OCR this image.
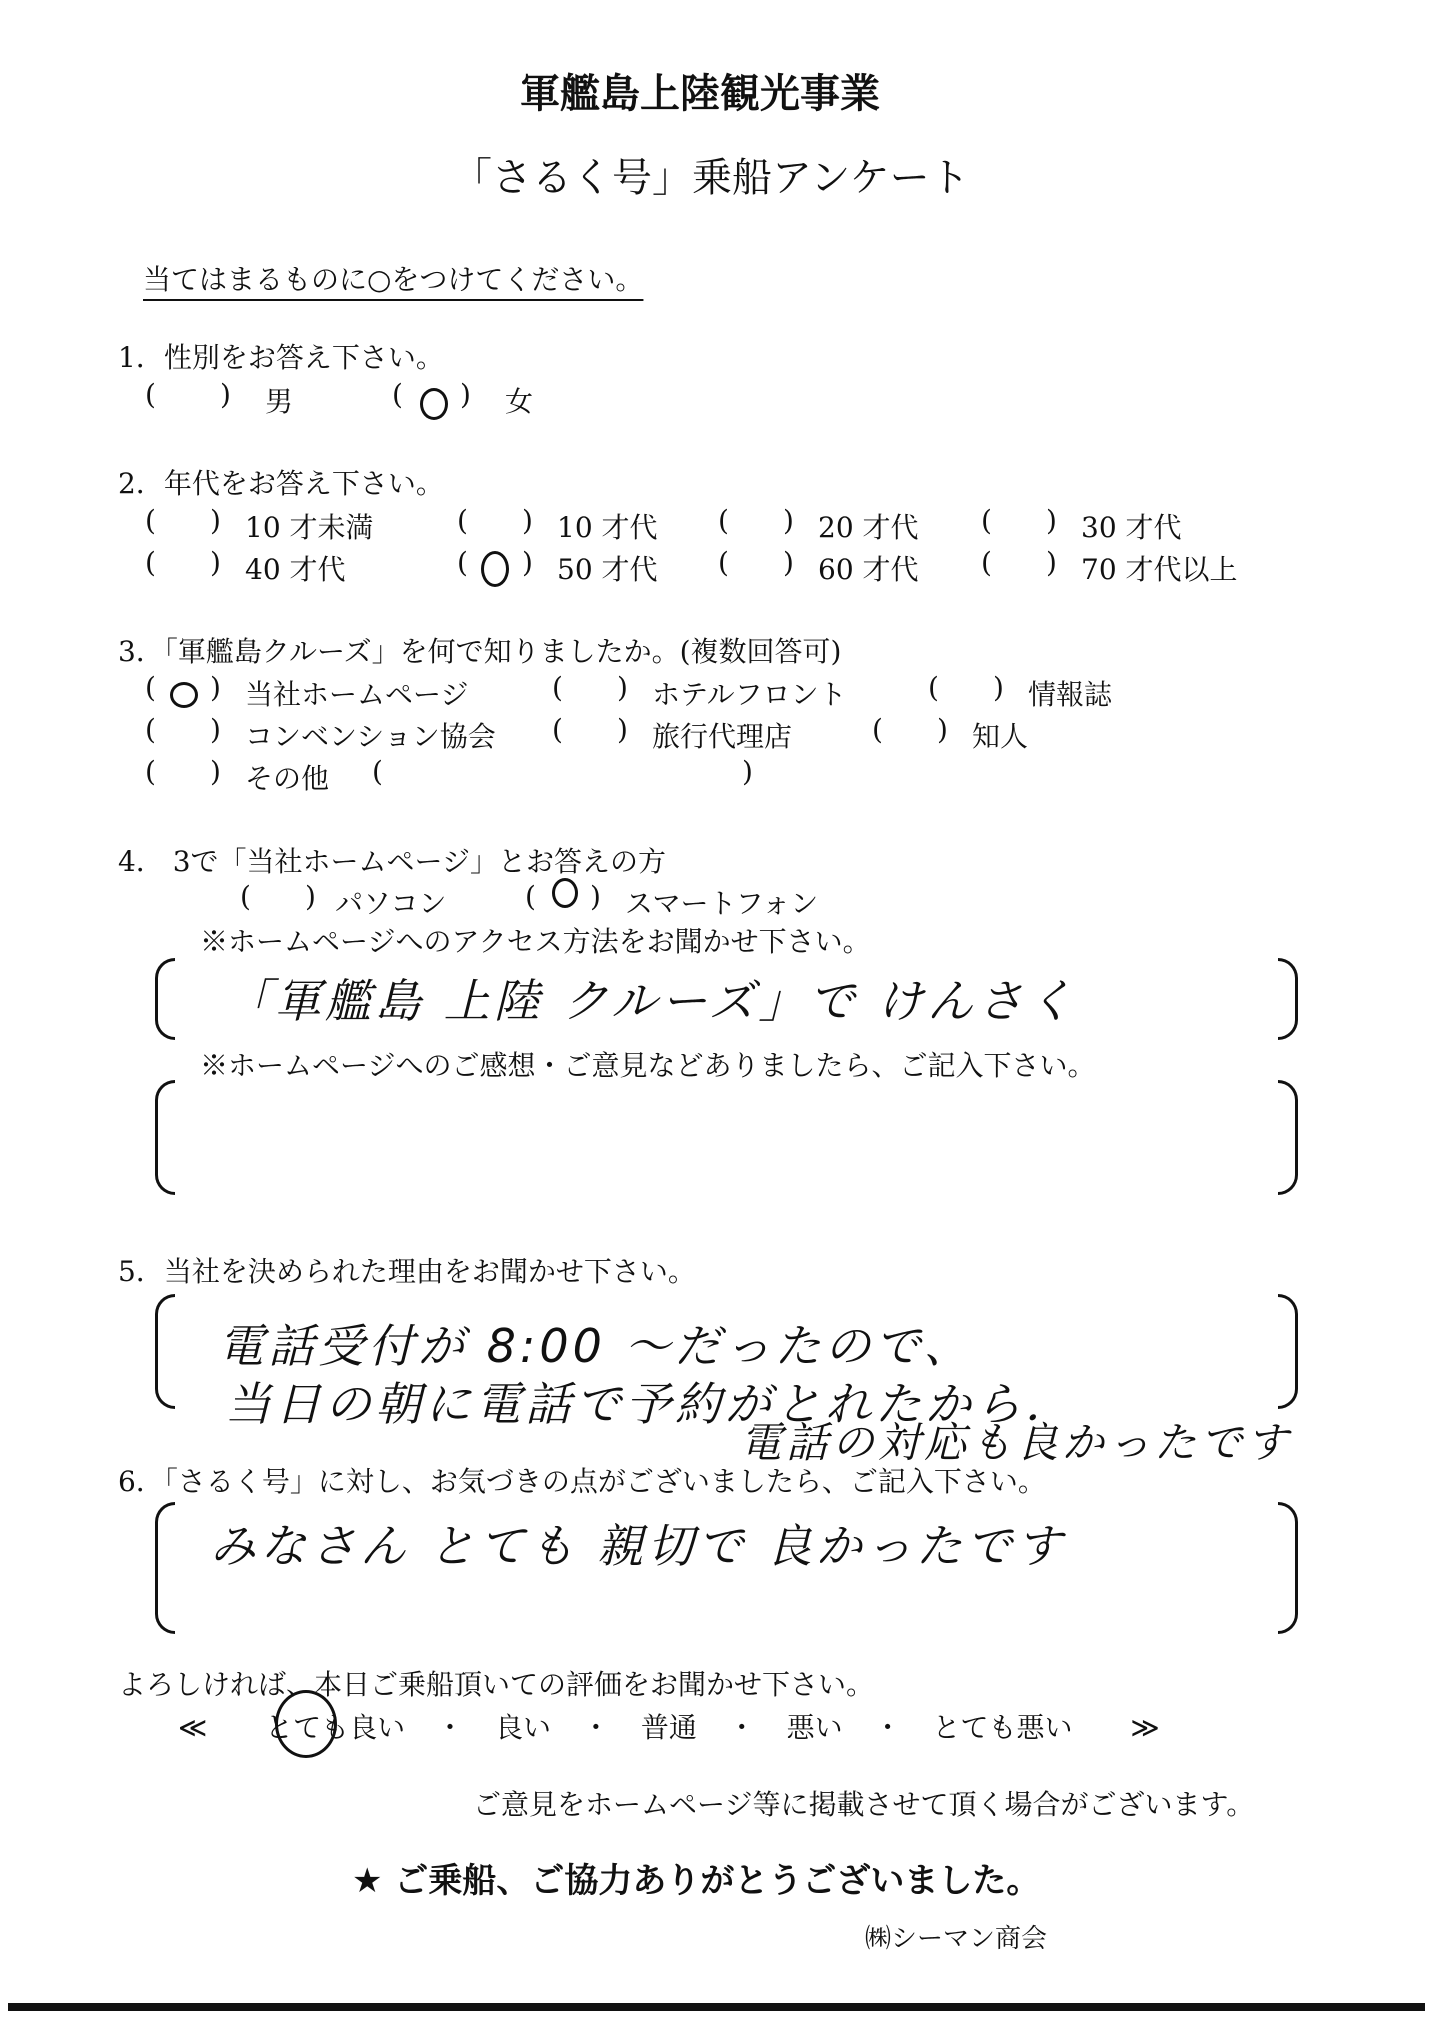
軍艦島上陸観光事業
「さるく号」乗船アンケート
当てはまるものに○をつけてください。
1．性別をお答え下さい。
( ) 男	( ) 女
2．年代をお答え下さい。
( ) 10 才未満	( ) 10 才代 ( ) 20 才代 ( ) 30 才代
( ) 40 才代	( ) 50 才代 ( ) 60 才代 ( ) 70 才代以上
3．「軍艦島クルーズ」を何で知りましたか。(複数回答可)
( ) 当社ホームページ	( ) ホテルフロント	( ) 情報誌
( ) コンベンション協会 ( ) 旅行代理店	( ) 知人
( ) その他 (	)
4． 3で「当社ホームページ」とお答えの方
( ) パソコン	( ) スマートフォン
※ホームページへのアクセス方法をお聞かせ下さい。
「軍艦島 上陸 クルーズ」で けんさく
※ホームページへのご感想・ご意見などありましたら、ご記入下さい。
5．当社を決められた理由をお聞かせ下さい。
電話受付が 8:00 〜だったので、
当日の朝に電話で予約がとれたから．
電話の対応も良かったです
6．「さるく号」に対し、お気づきの点がございましたら、ご記入下さい。
みなさん とても 親切で 良かったです
よろしければ、本日ご乗船頂いての評価をお聞かせ下さい。
≪ とても良い ・ 良い ・ 普通 ・ 悪い ・ とても悪い ≫
ご意見をホームページ等に掲載させて頂く場合がございます。
★ ご乗船、ご協力ありがとうございました。
㈱シーマン商会
